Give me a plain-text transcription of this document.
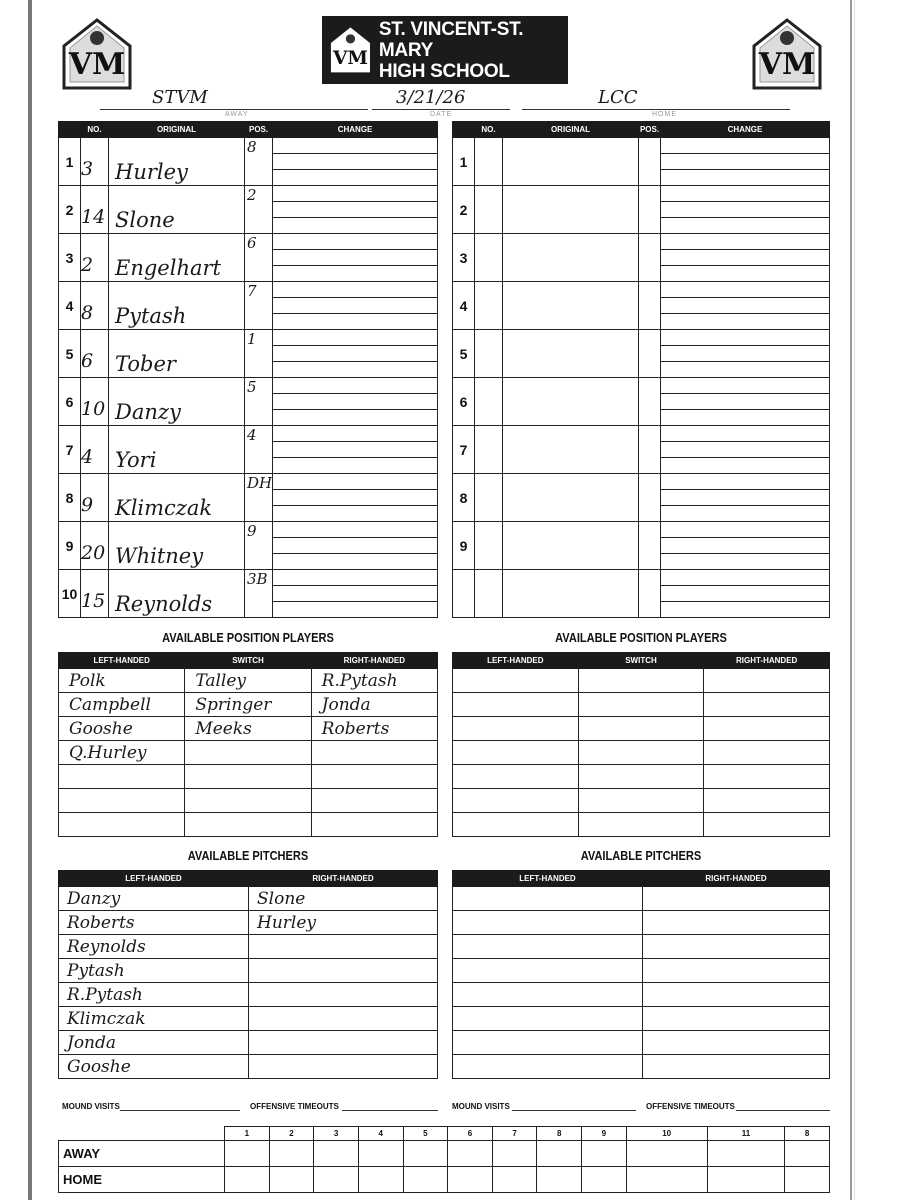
VM	VM
VM
ST. VINCENT-ST. MARY
HIGH SCHOOL
STVM
AWAY
3/21/26
DATE
LCC
HOME
	NO.	ORIGINAL	POS.	CHANGE
1	3	Hurley	8	

2	14	Slone	2	

3	2	Engelhart	6	

4	8	Pytash	7	

5	6	Tober	1	

6	10	Danzy	5	

7	4	Yori	4	

8	9	Klimczak	DH	

9	20	Whitney	9	

10	15	Reynolds	3B	
	NO.	ORIGINAL	POS.	CHANGE
1				

2				

3				

4				

5				

6				

7				

8				

9				

AVAILABLE POSITION PLAYERS	AVAILABLE POSITION PLAYERS
LEFT-HANDED	SWITCH	RIGHT-HANDED
Polk	Talley	R.Pytash
Campbell	Springer	Jonda
Gooshe	Meeks	Roberts
Q.Hurley		

LEFT-HANDED	SWITCH	RIGHT-HANDED

AVAILABLE PITCHERS	AVAILABLE PITCHERS
LEFT-HANDED	RIGHT-HANDED
Danzy	Slone
Roberts	Hurley
Reynolds	
Pytash	
R.Pytash	
Klimczak	
Jonda	
Gooshe	
LEFT-HANDED	RIGHT-HANDED

MOUND VISITS	OFFENSIVE TIMEOUTS	MOUND VISITS	OFFENSIVE TIMEOUTS
	1	2	3	4	5	6	7	8	9	10	11	8
AWAY												
HOME												
